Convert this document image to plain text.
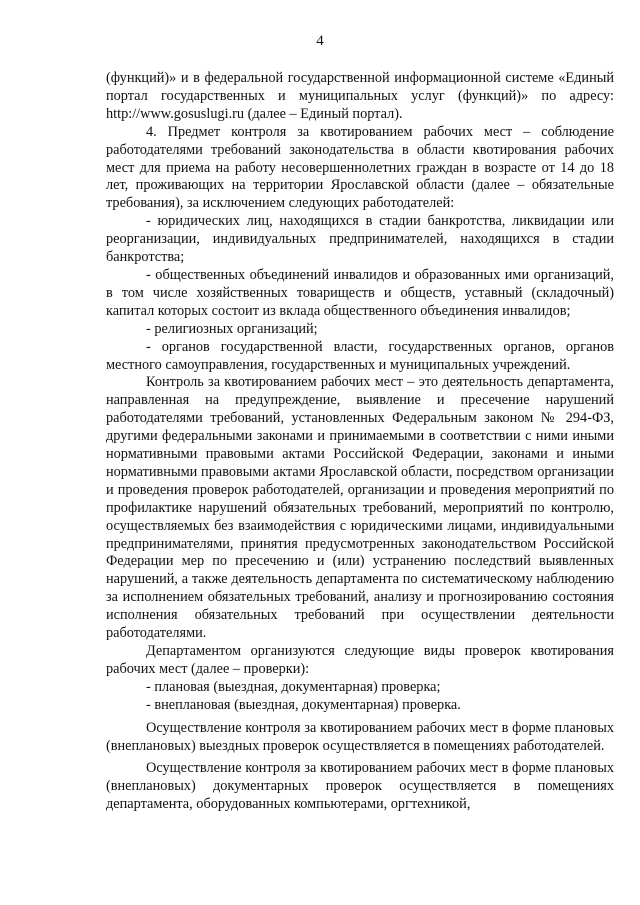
4

(функций)» и в федеральной государственной информационной системе «Единый портал государственных и муниципальных услуг (функций)» по адресу: http://www.gosuslugi.ru (далее – Единый портал).

4. Предмет контроля за квотированием рабочих мест – соблюдение работодателями требований законодательства в области квотирования рабочих мест для приема на работу несовершеннолетних граждан в возрасте от 14 до 18 лет, проживающих на территории Ярославской области (далее – обязательные требования), за исключением следующих работодателей:

- юридических лиц, находящихся в стадии банкротства, ликвидации или реорганизации, индивидуальных предпринимателей, находящихся в стадии банкротства;

- общественных объединений инвалидов и образованных ими организаций, в том числе хозяйственных товариществ и обществ, уставный (складочный) капитал которых состоит из вклада общественного объединения инвалидов;

- религиозных организаций;

- органов государственной власти, государственных органов, органов местного самоуправления, государственных и муниципальных учреждений.

Контроль за квотированием рабочих мест – это деятельность департамента, направленная на предупреждение, выявление и пресечение нарушений работодателями требований, установленных Федеральным законом № 294-ФЗ, другими федеральными законами и принимаемыми в соответствии с ними иными нормативными правовыми актами Российской Федерации, законами и иными нормативными правовыми актами Ярославской области, посредством организации и проведения проверок работодателей, организации и проведения мероприятий по профилактике нарушений обязательных требований, мероприятий по контролю, осуществляемых без взаимодействия с юридическими лицами, индивидуальными предпринимателями, принятия предусмотренных законодательством Российской Федерации мер по пресечению и (или) устранению последствий выявленных нарушений, а также деятельность департамента по систематическому наблюдению за исполнением обязательных требований, анализу и прогнозированию состояния исполнения обязательных требований при осуществлении деятельности работодателями.

Департаментом организуются следующие виды проверок квотирования рабочих мест (далее – проверки):

- плановая (выездная, документарная) проверка;

- внеплановая (выездная, документарная) проверка.

Осуществление контроля за квотированием рабочих мест в форме плановых (внеплановых) выездных проверок осуществляется в помещениях работодателей.

Осуществление контроля за квотированием рабочих мест в форме плановых (внеплановых) документарных проверок осуществляется в помещениях департамента, оборудованных компьютерами, оргтехникой,
